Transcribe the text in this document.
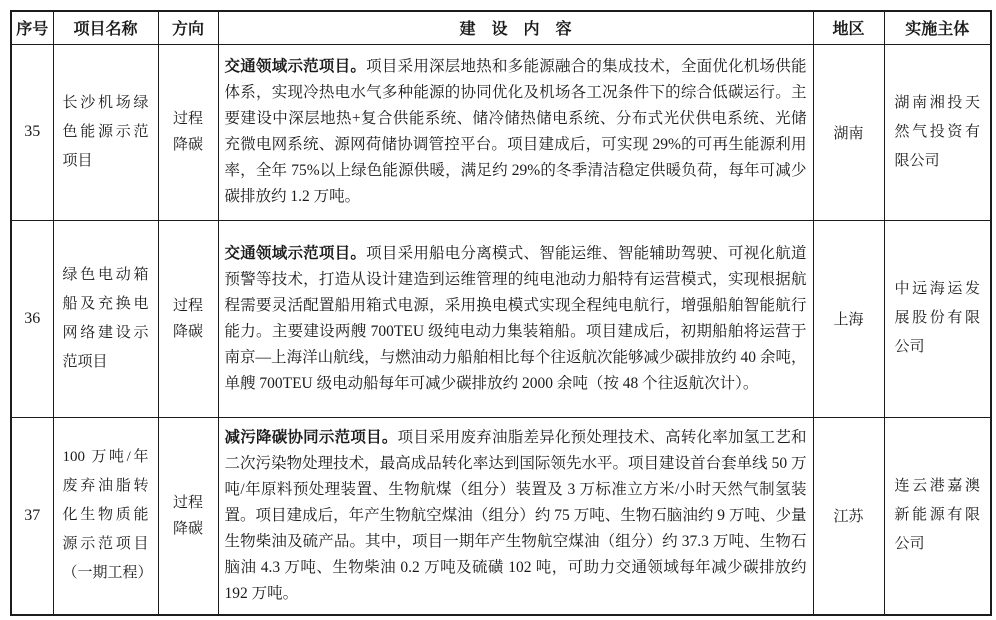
序号	项目名称	方向	建　设　内　容	地区	实施主体
35	长沙机场绿色能源示范项目	过程降碳	交通领域示范项目。项目采用深层地热和多能源融合的集成技术，全面优化机场供能体系，实现冷热电水气多种能源的协同优化及机场各工况条件下的综合低碳运行。主要建设中深层地热+复合供能系统、储冷储热储电系统、分布式光伏供电系统、光储充微电网系统、源网荷储协调管控平台。项目建成后，可实现 29%的可再生能源利用率，全年 75%以上绿色能源供暖，满足约 29%的冬季清洁稳定供暖负荷，每年可减少碳排放约 1.2 万吨。	湖南	湖南湘投天然气投资有限公司
36	绿色电动箱船及充换电网络建设示范项目	过程降碳	交通领域示范项目。项目采用船电分离模式、智能运维、智能辅助驾驶、可视化航道预警等技术，打造从设计建造到运维管理的纯电池动力船特有运营模式，实现根据航程需要灵活配置船用箱式电源，采用换电模式实现全程纯电航行，增强船舶智能航行能力。主要建设两艘 700TEU 级纯电动力集装箱船。项目建成后，初期船舶将运营于南京—上海洋山航线，与燃油动力船舶相比每个往返航次能够减少碳排放约 40 余吨，单艘 700TEU 级电动船每年可减少碳排放约 2000 余吨（按 48 个往返航次计）。	上海	中远海运发展股份有限公司
37	100 万吨/年废弃油脂转化生物质能源示范项目（一期工程）	过程降碳	减污降碳协同示范项目。项目采用废弃油脂差异化预处理技术、高转化率加氢工艺和二次污染物处理技术，最高成品转化率达到国际领先水平。项目建设首台套单线 50 万吨/年原料预处理装置、生物航煤（组分）装置及 3 万标准立方米/小时天然气制氢装置。项目建成后，年产生物航空煤油（组分）约 75 万吨、生物石脑油约 9 万吨、少量生物柴油及硫产品。其中，项目一期年产生物航空煤油（组分）约 37.3 万吨、生物石脑油 4.3 万吨、生物柴油 0.2 万吨及硫磺 102 吨，可助力交通领域每年减少碳排放约 192 万吨。	江苏	连云港嘉澳新能源有限公司
